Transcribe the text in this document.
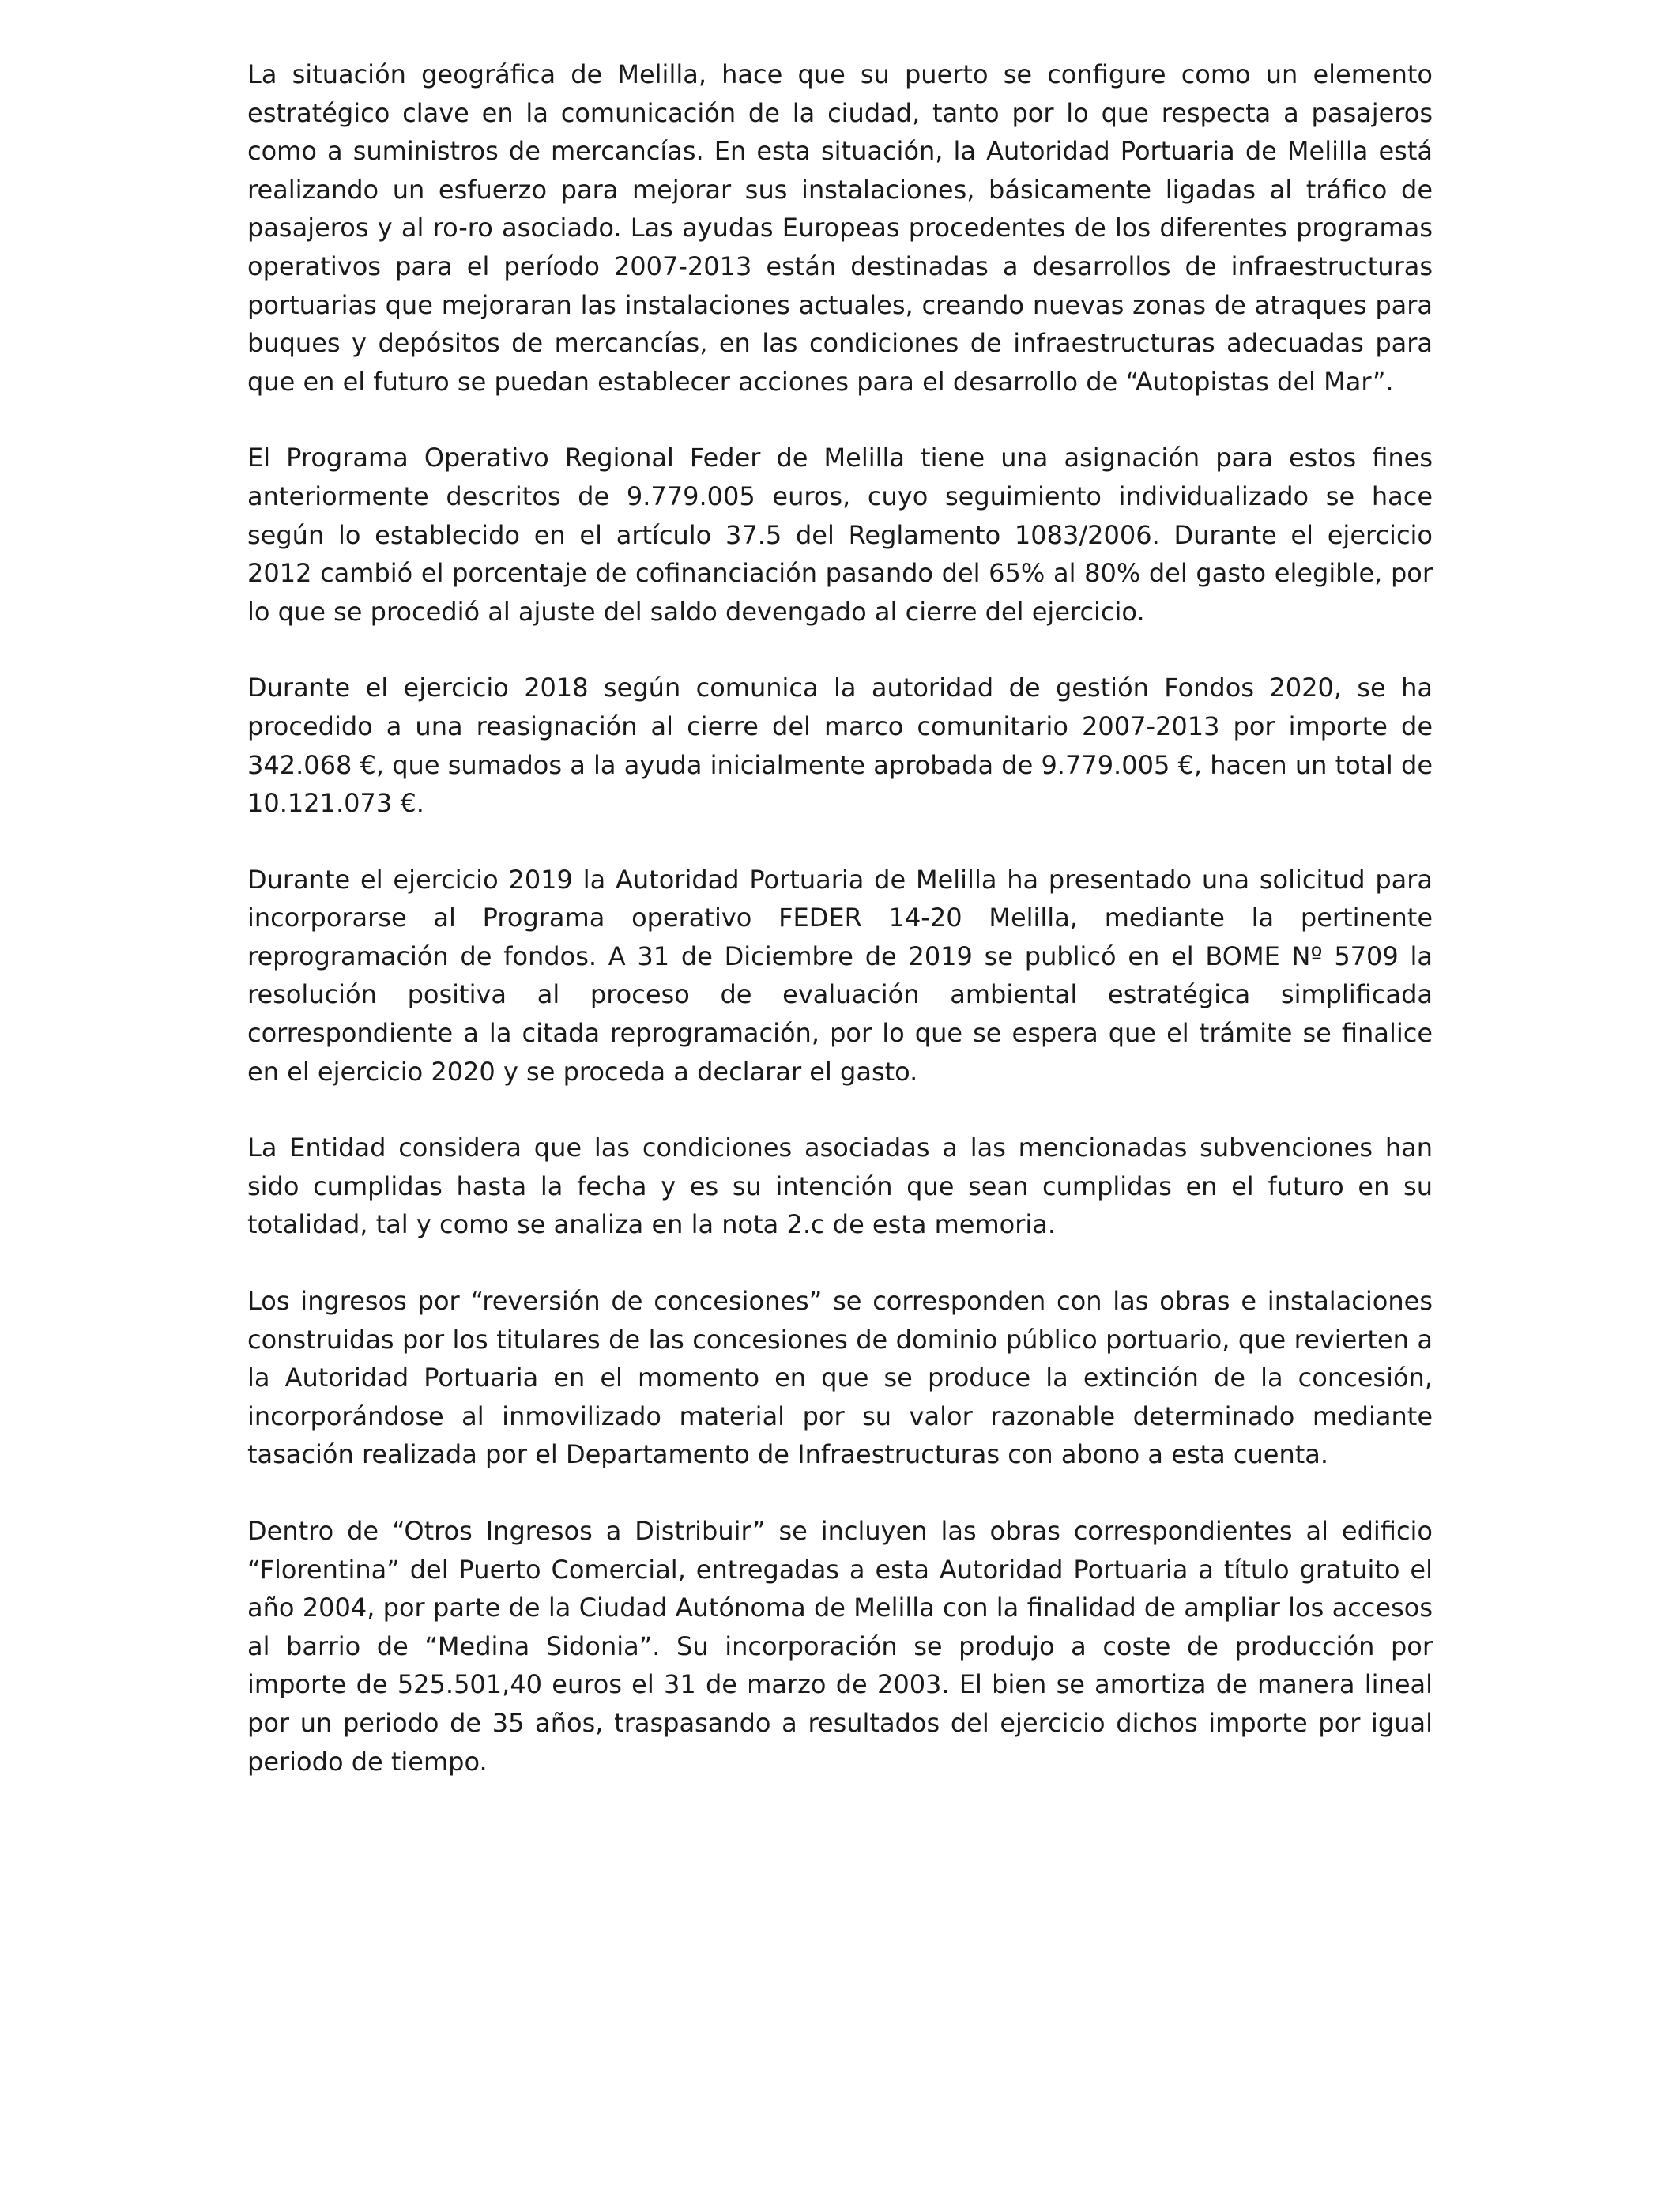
La situación geográfica de Melilla, hace que su puerto se configure como un elemento estratégico clave en la comunicación de la ciudad, tanto por lo que respecta a pasajeros como a suministros de mercancías. En esta situación, la Autoridad Portuaria de Melilla está realizando un esfuerzo para mejorar sus instalaciones, básicamente ligadas al tráfico de pasajeros y al ro-ro asociado. Las ayudas Europeas procedentes de los diferentes programas operativos para el período 2007-2013 están destinadas a desarrollos de infraestructuras portuarias que mejoraran las instalaciones actuales, creando nuevas zonas de atraques para buques y depósitos de mercancías, en las condiciones de infraestructuras adecuadas para que en el futuro se puedan establecer acciones para el desarrollo de “Autopistas del Mar”.

El Programa Operativo Regional Feder de Melilla tiene una asignación para estos fines anteriormente descritos de 9.779.005 euros, cuyo seguimiento individualizado se hace según lo establecido en el artículo 37.5 del Reglamento 1083/2006. Durante el ejercicio 2012 cambió el porcentaje de cofinanciación pasando del 65% al 80% del gasto elegible, por lo que se procedió al ajuste del saldo devengado al cierre del ejercicio.

Durante el ejercicio 2018 según comunica la autoridad de gestión Fondos 2020, se ha procedido a una reasignación al cierre del marco comunitario 2007-2013 por importe de 342.068 €, que sumados a la ayuda inicialmente aprobada de 9.779.005 €, hacen un total de 10.121.073 €.

Durante el ejercicio 2019 la Autoridad Portuaria de Melilla ha presentado una solicitud para incorporarse al Programa operativo FEDER 14-20 Melilla, mediante la pertinente reprogramación de fondos. A 31 de Diciembre de 2019 se publicó en el BOME Nº 5709 la resolución positiva al proceso de evaluación ambiental estratégica simplificada correspondiente a la citada reprogramación, por lo que se espera que el trámite se finalice en el ejercicio 2020 y se proceda a declarar el gasto.

La Entidad considera que las condiciones asociadas a las mencionadas subvenciones han sido cumplidas hasta la fecha y es su intención que sean cumplidas en el futuro en su totalidad, tal y como se analiza en la nota 2.c de esta memoria.

Los ingresos por “reversión de concesiones” se corresponden con las obras e instalaciones construidas por los titulares de las concesiones de dominio público portuario, que revierten a la Autoridad Portuaria en el momento en que se produce la extinción de la concesión, incorporándose al inmovilizado material por su valor razonable determinado mediante tasación realizada por el Departamento de Infraestructuras con abono a esta cuenta.

Dentro de “Otros Ingresos a Distribuir” se incluyen las obras correspondientes al edificio “Florentina” del Puerto Comercial, entregadas a esta Autoridad Portuaria a título gratuito el año 2004, por parte de la Ciudad Autónoma de Melilla con la finalidad de ampliar los accesos al barrio de “Medina Sidonia”. Su incorporación se produjo a coste de producción por importe de 525.501,40 euros el 31 de marzo de 2003. El bien se amortiza de manera lineal por un periodo de 35 años, traspasando a resultados del ejercicio dichos importe por igual periodo de tiempo.
